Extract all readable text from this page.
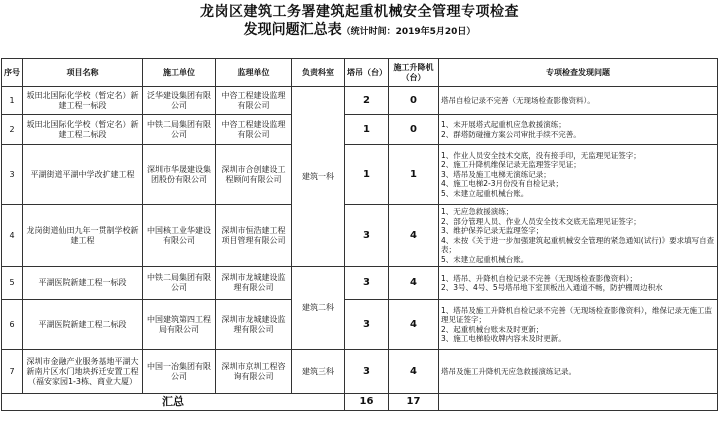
龙岗区建筑工务署建筑起重机械安全管理专项检查
发现问题汇总表（统计时间：2019年5月20日）
序号	项目名称	施工单位	监理单位	负责科室	塔吊（台）	施工升降机（台）	专项检查发现问题
1	坂田北国际化学校（暂定名）新建工程一标段	泛华建设集团有限公司	中咨工程建设监理有限公司	建筑一科	2	0	塔吊自检记录不完善（无现场检查影像资料）。

2	坂田北国际化学校（暂定名）新建工程二标段	中铁二局集团有限公司	中咨工程建设监理有限公司		1	0	1、未开展塔式起重机应急救援演练；
2、群塔防碰撞方案公司审批手续不完善。

3	平湖街道平湖中学改扩建工程	深圳市华晟建设集团股份有限公司	深圳市合创建设工程顾问有限公司		1	1	1、作业人员安全技术交底，没有接手印，无监理见证签字；
2、施工升降机维保记录无监理签字见证；
3、塔吊及施工电梯无演练记录；
4、施工电梯2-3月份没有自检记录；
5、未建立起重机械台账。

4	龙岗街道仙田九年一贯制学校新建工程	中国核工业华建设有限公司	深圳市恒浩建工程项目管理有限公司		3	4	1、无应急救援演练；
2、部分管理人员、作业人员安全技术交底无监理见证签字；
3、维护保养记录无监理签字；
4、未按《关于进一步加强建筑起重机械安全管理的紧急通知(试行)》要求填写自查表；
5、未建立起重机械台账。

5	平湖医院新建工程一标段	中铁二局集团有限公司	深圳市龙城建设监理有限公司	建筑二科	3	4	1、塔吊、升降机自检记录不完善（无现场检查影像资料）；
2、3号、4号、5号塔吊地下室顶板出入通道不畅，防护棚周边积水

6	平湖医院新建工程二标段	中国建筑第四工程局有限公司	深圳市龙城建设监理有限公司		3	4	1、塔吊及施工升降机自检记录不完善（无现场检查影像资料），维保记录无施工监理见证签字；
2、起重机械台账未及时更新；
3、施工电梯验收牌内容未及时更新。

7	深圳市金融产业服务基地平湖大新南片区水门地块拆迁安置工程（福安家园1-3栋、商业大厦）	中国一冶集团有限公司	深圳市京圳工程咨询有限公司	建筑三科	3	4	塔吊及施工升降机无应急救援演练记录。

汇总					16	17	
